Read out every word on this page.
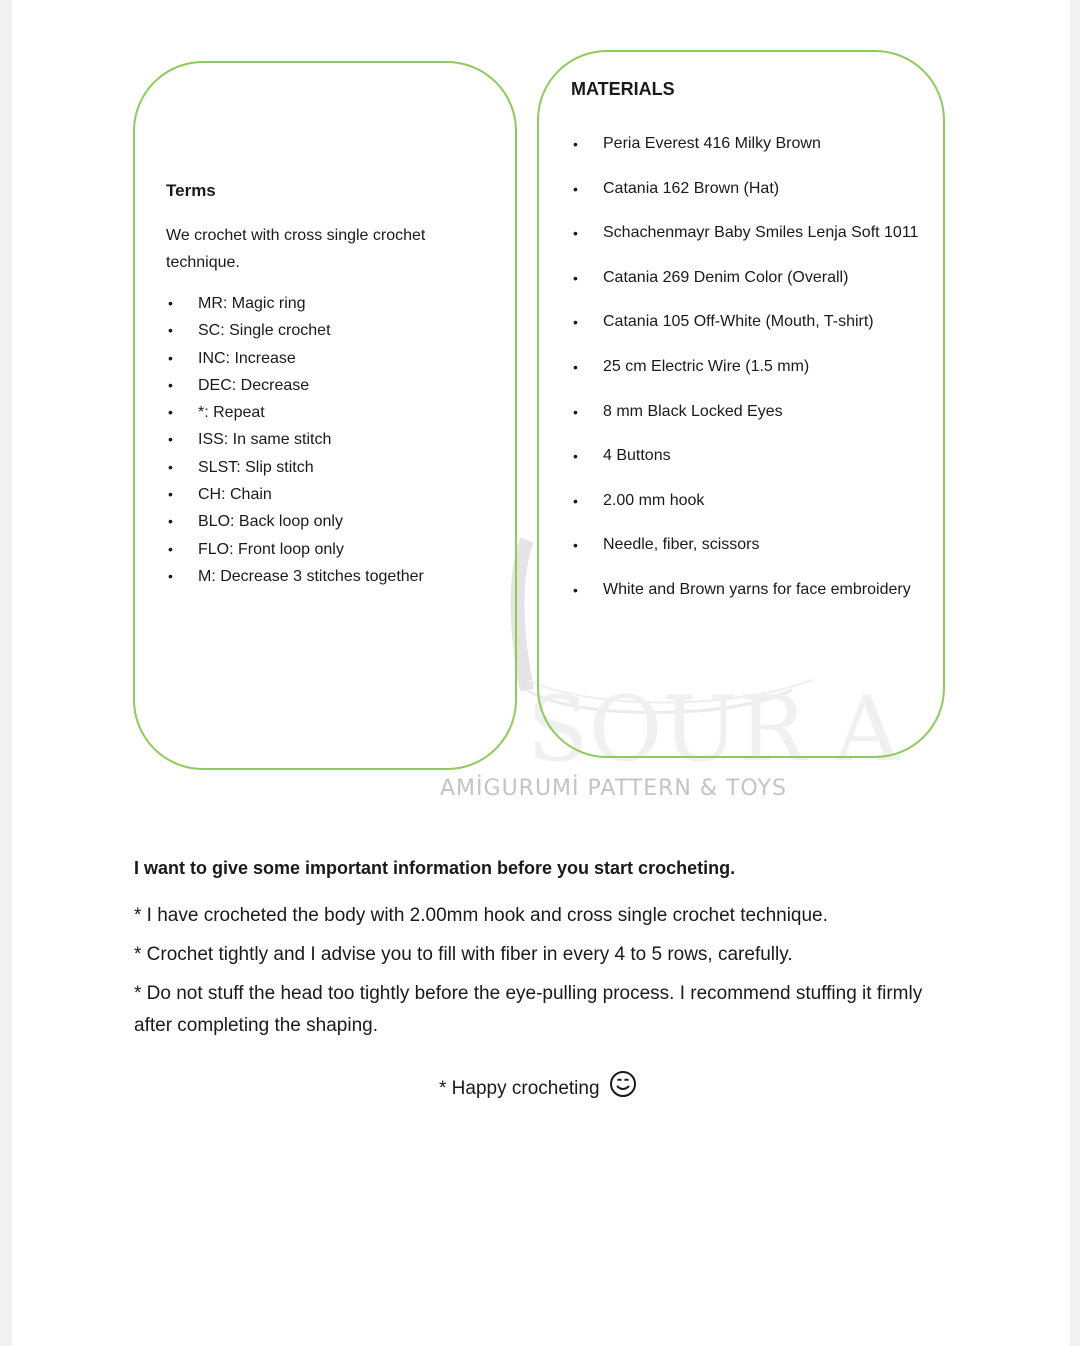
SOUR A
AMİGURUMİ PATTERN & TOYS
Terms
We crochet with cross single crochet technique.
• MR: Magic ring
• SC: Single crochet
• INC: Increase
• DEC: Decrease
• *: Repeat
• ISS: In same stitch
• SLST: Slip stitch
• CH: Chain
• BLO: Back loop only
• FLO: Front loop only
• M: Decrease 3 stitches together
MATERIALS
• Peria Everest 416 Milky Brown
• Catania 162 Brown (Hat)
• Schachenmayr Baby Smiles Lenja Soft 1011
• Catania 269 Denim Color (Overall)
• Catania 105 Off-White (Mouth, T-shirt)
• 25 cm Electric Wire (1.5 mm)
• 8 mm Black Locked Eyes
• 4 Buttons
• 2.00 mm hook
• Needle, fiber, scissors
• White and Brown yarns for face embroidery
I want to give some important information before you start crocheting.

* I have crocheted the body with 2.00mm hook and cross single crochet technique.

* Crochet tightly and I advise you to fill with fiber in every 4 to 5 rows, carefully.

* Do not stuff the head too tightly before the eye-pulling process. I recommend stuffing it firmly after completing the shaping.

* Happy crocheting
